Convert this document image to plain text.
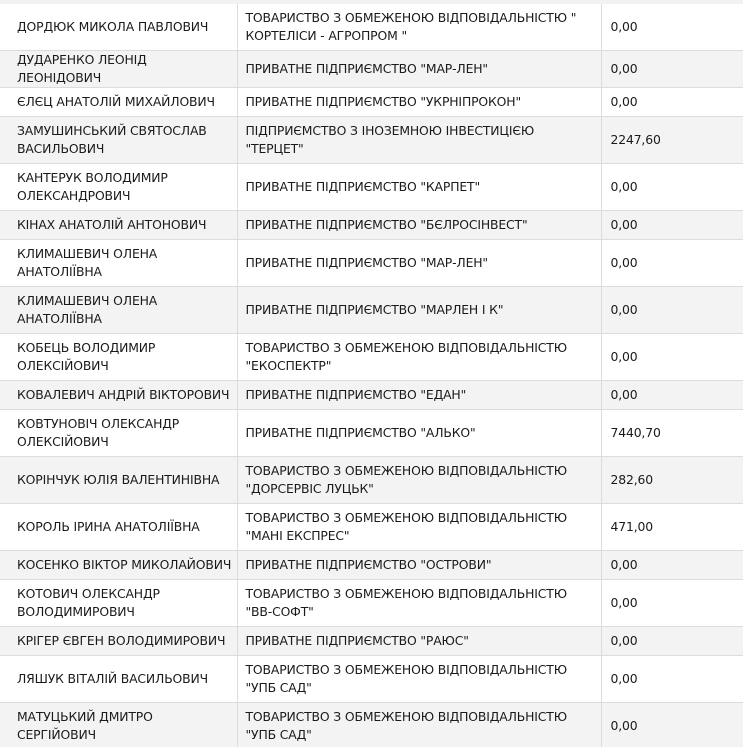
ДОРДЮК МИКОЛА ПАВЛОВИЧ	ТОВАРИСТВО З ОБМЕЖЕНОЮ ВІДПОВІДАЛЬНІСТЮ " КОРТЕЛІСИ - АГРОПРОМ "	0,00
ДУДАРЕНКО ЛЕОНІД ЛЕОНІДОВИЧ	ПРИВАТНЕ ПІДПРИЄМСТВО "МАР-ЛЕН"	0,00
ЄЛЄЦ АНАТОЛІЙ МИХАЙЛОВИЧ	ПРИВАТНЕ ПІДПРИЄМСТВО "УКРНІПРОКОН"	0,00
ЗАМУШИНСЬКИЙ СВЯТОСЛАВ ВАСИЛЬОВИЧ	ПІДПРИЄМСТВО З ІНОЗЕМНОЮ ІНВЕСТИЦІЄЮ "ТЕРЦЕТ"	2247,60
КАНТЕРУК ВОЛОДИМИР ОЛЕКСАНДРОВИЧ	ПРИВАТНЕ ПІДПРИЄМСТВО "КАРПЕТ"	0,00
КІНАХ АНАТОЛІЙ АНТОНОВИЧ	ПРИВАТНЕ ПІДПРИЄМСТВО "БЄЛРОСІНВЕСТ"	0,00
КЛИМАШЕВИЧ ОЛЕНА АНАТОЛІЇВНА	ПРИВАТНЕ ПІДПРИЄМСТВО "МАР-ЛЕН"	0,00
КЛИМАШЕВИЧ ОЛЕНА АНАТОЛІЇВНА	ПРИВАТНЕ ПІДПРИЄМСТВО "МАРЛЕН І К"	0,00
КОБЕЦЬ ВОЛОДИМИР ОЛЕКСІЙОВИЧ	ТОВАРИСТВО З ОБМЕЖЕНОЮ ВІДПОВІДАЛЬНІСТЮ "ЕКОСПЕКТР"	0,00
КОВАЛЕВИЧ АНДРІЙ ВІКТОРОВИЧ	ПРИВАТНЕ ПІДПРИЄМСТВО "ЕДАН"	0,00
КОВТУНОВІЧ ОЛЕКСАНДР ОЛЕКСІЙОВИЧ	ПРИВАТНЕ ПІДПРИЄМСТВО "АЛЬКО"	7440,70
КОРІНЧУК ЮЛІЯ ВАЛЕНТИНІВНА	ТОВАРИСТВО З ОБМЕЖЕНОЮ ВІДПОВІДАЛЬНІСТЮ "ДОРСЕРВІС ЛУЦЬК"	282,60
КОРОЛЬ ІРИНА АНАТОЛІЇВНА	ТОВАРИСТВО З ОБМЕЖЕНОЮ ВІДПОВІДАЛЬНІСТЮ "МАНІ ЕКСПРЕС"	471,00
КОСЕНКО ВІКТОР МИКОЛАЙОВИЧ	ПРИВАТНЕ ПІДПРИЄМСТВО "ОСТРОВИ"	0,00
КОТОВИЧ ОЛЕКСАНДР ВОЛОДИМИРОВИЧ	ТОВАРИСТВО З ОБМЕЖЕНОЮ ВІДПОВІДАЛЬНІСТЮ "ВВ-СОФТ"	0,00
КРІГЕР ЄВГЕН ВОЛОДИМИРОВИЧ	ПРИВАТНЕ ПІДПРИЄМСТВО "РАЮС"	0,00
ЛЯШУК ВІТАЛІЙ ВАСИЛЬОВИЧ	ТОВАРИСТВО З ОБМЕЖЕНОЮ ВІДПОВІДАЛЬНІСТЮ "УПБ САД"	0,00
МАТУЦЬКИЙ ДМИТРО СЕРГІЙОВИЧ	ТОВАРИСТВО З ОБМЕЖЕНОЮ ВІДПОВІДАЛЬНІСТЮ "УПБ САД"	0,00
